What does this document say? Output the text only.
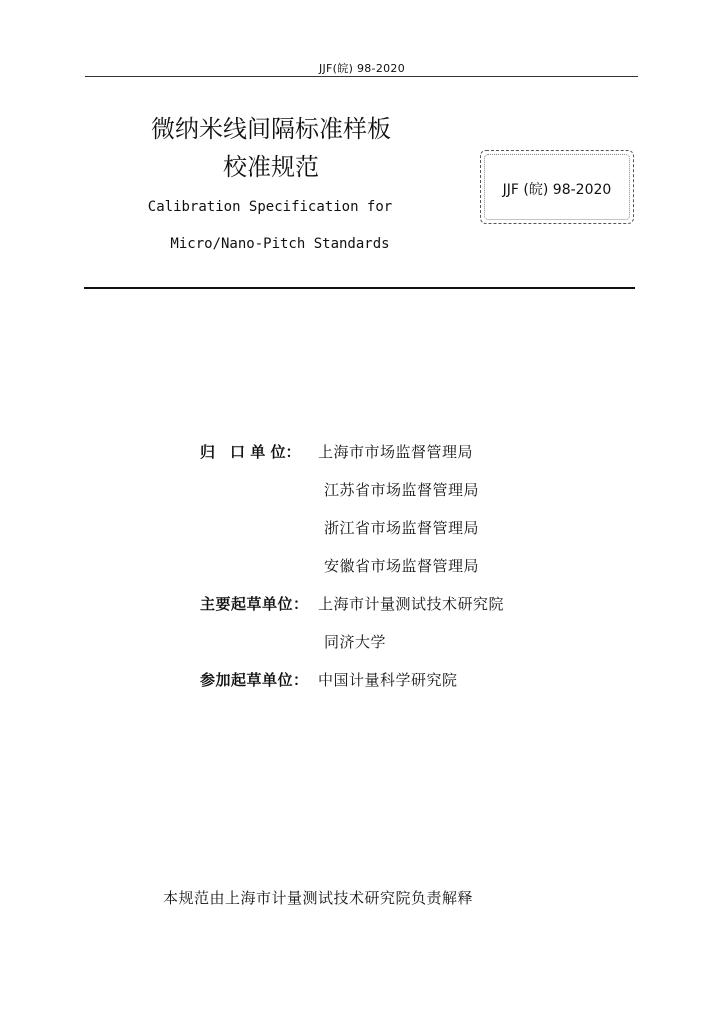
JJF(皖) 98-2020
微纳米线间隔标准样板
校准规范
Calibration Specification for
Micro/Nano-Pitch Standards
JJF (皖) 98-2020
归　口 单 位： 上海市市场监督管理局
江苏省市场监督管理局
浙江省市场监督管理局
安徽省市场监督管理局
主要起草单位： 上海市计量测试技术研究院
同济大学
参加起草单位： 中国计量科学研究院
本规范由上海市计量测试技术研究院负责解释
